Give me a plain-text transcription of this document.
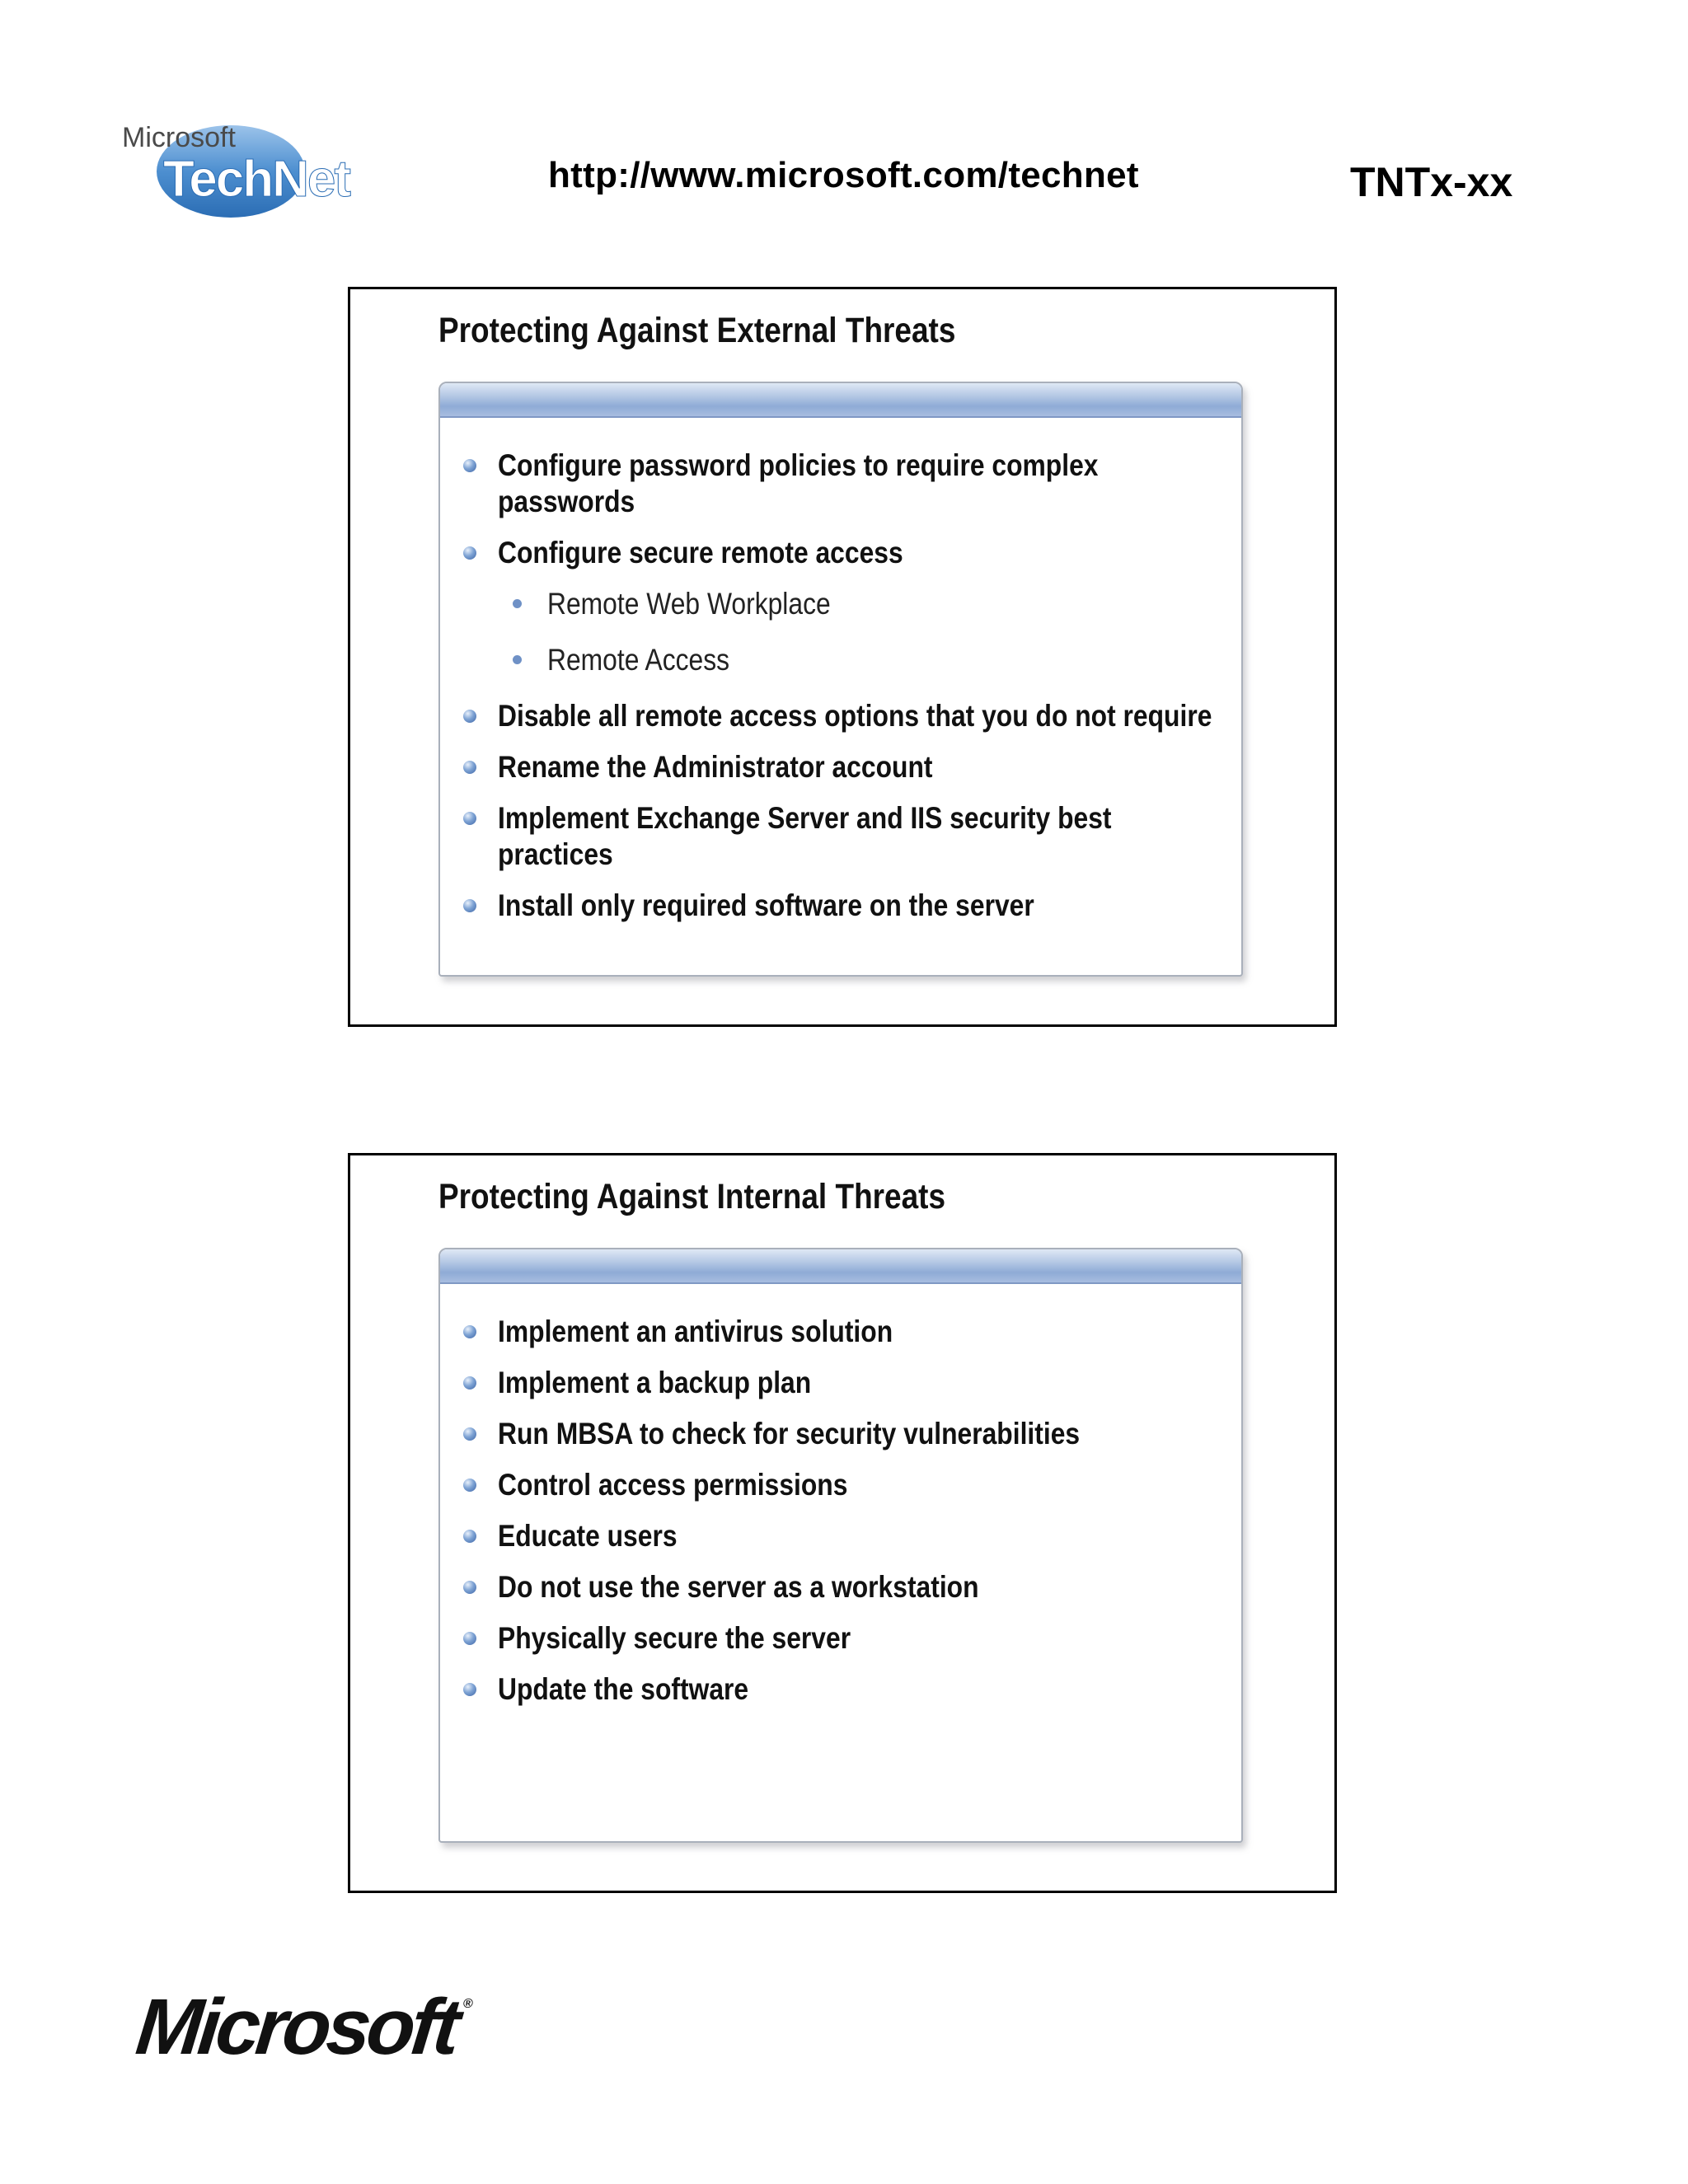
Microsoft
TechNet	http://www.microsoft.com/technet	TNTx-xx
Protecting Against External Threats
Configure password policies to require complex passwords
Configure secure remote access
Remote Web Workplace
Remote Access
Disable all remote access options that you do not require
Rename the Administrator account
Implement Exchange Server and IIS security best practices
Install only required software on the server
Protecting Against Internal Threats
Implement an antivirus solution
Implement a backup plan
Run MBSA to check for security vulnerabilities
Control access permissions
Educate users
Do not use the server as a workstation
Physically secure the server
Update the software
Microsoft ®
